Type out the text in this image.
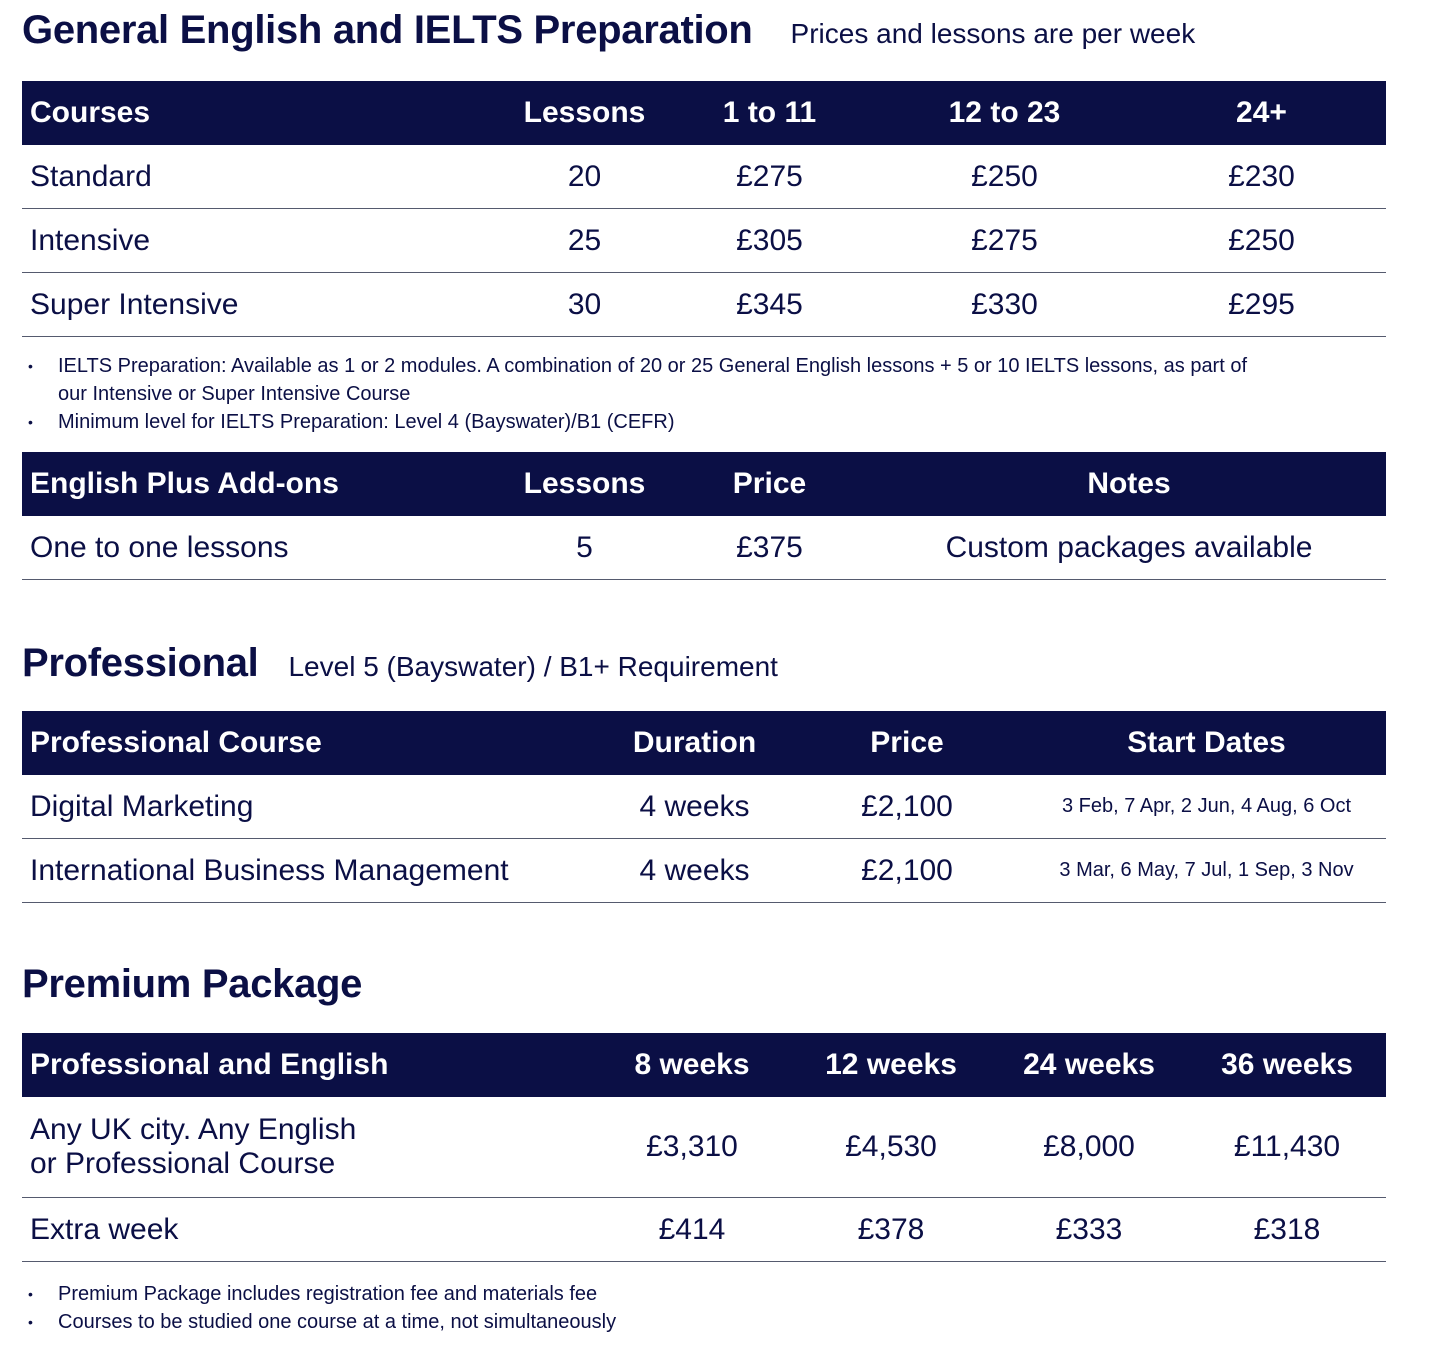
General English and IELTS Preparation Prices and lessons are per week
Courses	Lessons	1 to 11	12 to 23	24+
Standard	20	£275	£250	£230
Intensive	25	£305	£275	£250
Super Intensive	30	£345	£330	£295
• IELTS Preparation: Available as 1 or 2 modules. A combination of 20 or 25 General English lessons + 5 or 10 IELTS lessons, as part of our Intensive or Super Intensive Course
• Minimum level for IELTS Preparation: Level 4 (Bayswater)/B1 (CEFR)
English Plus Add-ons	Lessons	Price	Notes
One to one lessons	5	£375	Custom packages available
Professional Level 5 (Bayswater) / B1+ Requirement
Professional Course	Duration	Price	Start Dates
Digital Marketing	4 weeks	£2,100	3 Feb, 7 Apr, 2 Jun, 4 Aug, 6 Oct
International Business Management	4 weeks	£2,100	3 Mar, 6 May, 7 Jul, 1 Sep, 3 Nov
Premium Package
Professional and English	8 weeks	12 weeks	24 weeks	36 weeks

Any UK city. Any English or Professional Course	£3,310	£4,530	£8,000	£11,430
Extra week	£414	£378	£333	£318
• Premium Package includes registration fee and materials fee
• Courses to be studied one course at a time, not simultaneously
